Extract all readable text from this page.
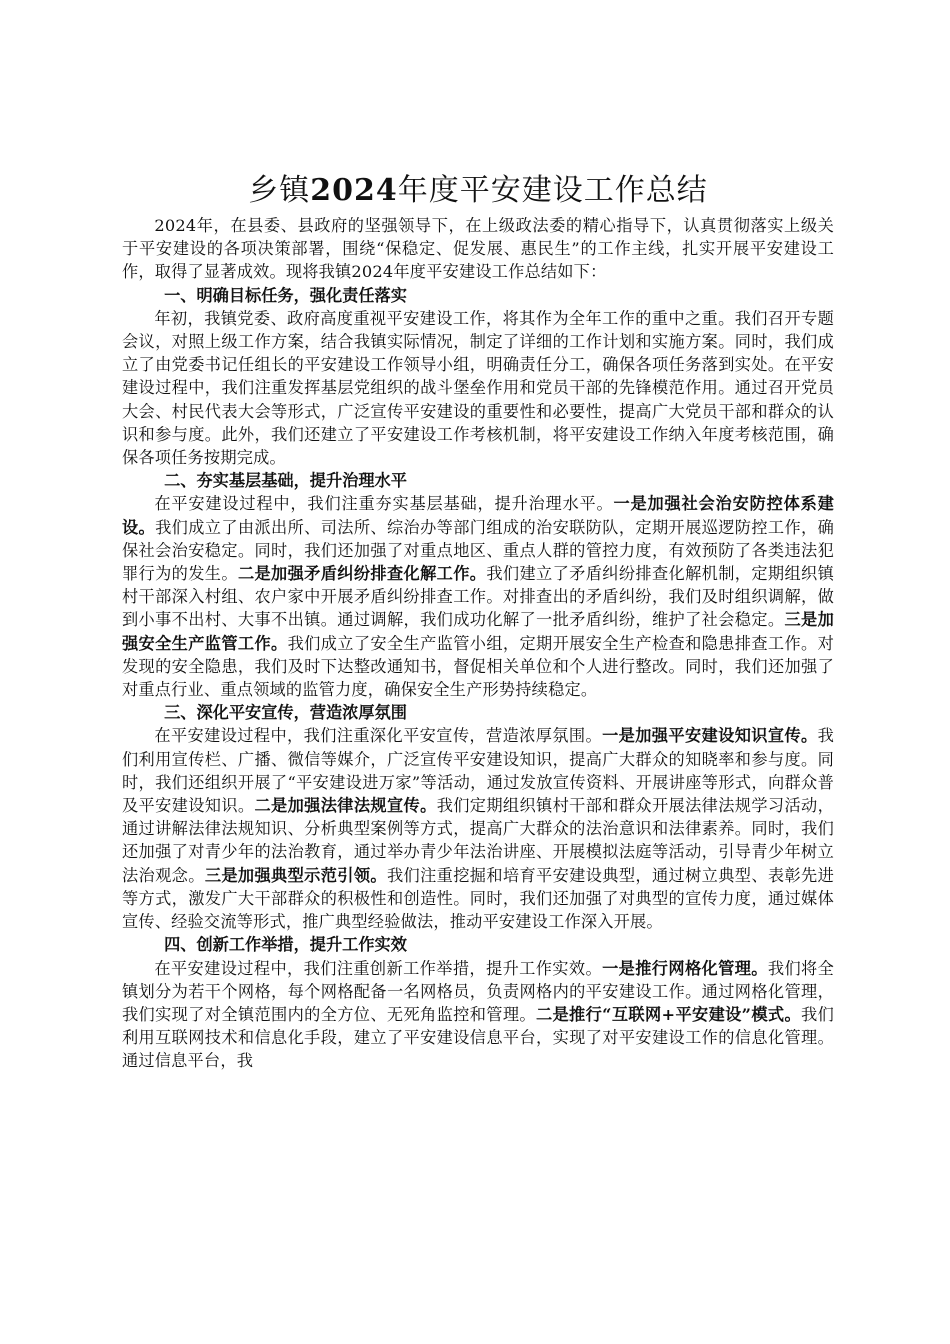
乡镇2024年度平安建设工作总结

2024年，在县委、县政府的坚强领导下，在上级政法委的精心指导下，认真贯彻落实上级关于平安建设的各项决策部署，围绕“保稳定、促发展、惠民生”的工作主线，扎实开展平安建设工作，取得了显著成效。现将我镇2024年度平安建设工作总结如下：

一、明确目标任务，强化责任落实

年初，我镇党委、政府高度重视平安建设工作，将其作为全年工作的重中之重。我们召开专题会议，对照上级工作方案，结合我镇实际情况，制定了详细的工作计划和实施方案。同时，我们成立了由党委书记任组长的平安建设工作领导小组，明确责任分工，确保各项任务落到实处。在平安建设过程中，我们注重发挥基层党组织的战斗堡垒作用和党员干部的先锋模范作用。通过召开党员大会、村民代表大会等形式，广泛宣传平安建设的重要性和必要性，提高广大党员干部和群众的认识和参与度。此外，我们还建立了平安建设工作考核机制，将平安建设工作纳入年度考核范围，确保各项任务按期完成。

二、夯实基层基础，提升治理水平

在平安建设过程中，我们注重夯实基层基础，提升治理水平。一是加强社会治安防控体系建设。我们成立了由派出所、司法所、综治办等部门组成的治安联防队，定期开展巡逻防控工作，确保社会治安稳定。同时，我们还加强了对重点地区、重点人群的管控力度，有效预防了各类违法犯罪行为的发生。二是加强矛盾纠纷排查化解工作。我们建立了矛盾纠纷排查化解机制，定期组织镇村干部深入村组、农户家中开展矛盾纠纷排查工作。对排查出的矛盾纠纷，我们及时组织调解，做到小事不出村、大事不出镇。通过调解，我们成功化解了一批矛盾纠纷，维护了社会稳定。三是加强安全生产监管工作。我们成立了安全生产监管小组，定期开展安全生产检查和隐患排查工作。对发现的安全隐患，我们及时下达整改通知书，督促相关单位和个人进行整改。同时，我们还加强了对重点行业、重点领域的监管力度，确保安全生产形势持续稳定。

三、深化平安宣传，营造浓厚氛围

在平安建设过程中，我们注重深化平安宣传，营造浓厚氛围。一是加强平安建设知识宣传。我们利用宣传栏、广播、微信等媒介，广泛宣传平安建设知识，提高广大群众的知晓率和参与度。同时，我们还组织开展了“平安建设进万家”等活动，通过发放宣传资料、开展讲座等形式，向群众普及平安建设知识。二是加强法律法规宣传。我们定期组织镇村干部和群众开展法律法规学习活动，通过讲解法律法规知识、分析典型案例等方式，提高广大群众的法治意识和法律素养。同时，我们还加强了对青少年的法治教育，通过举办青少年法治讲座、开展模拟法庭等活动，引导青少年树立法治观念。三是加强典型示范引领。我们注重挖掘和培育平安建设典型，通过树立典型、表彰先进等方式，激发广大干部群众的积极性和创造性。同时，我们还加强了对典型的宣传力度，通过媒体宣传、经验交流等形式，推广典型经验做法，推动平安建设工作深入开展。

四、创新工作举措，提升工作实效

在平安建设过程中，我们注重创新工作举措，提升工作实效。一是推行网格化管理。我们将全镇划分为若干个网格，每个网格配备一名网格员，负责网格内的平安建设工作。通过网格化管理，我们实现了对全镇范围内的全方位、无死角监控和管理。二是推行“互联网+平安建设”模式。我们利用互联网技术和信息化手段，建立了平安建设信息平台，实现了对平安建设工作的信息化管理。通过信息平台，我
